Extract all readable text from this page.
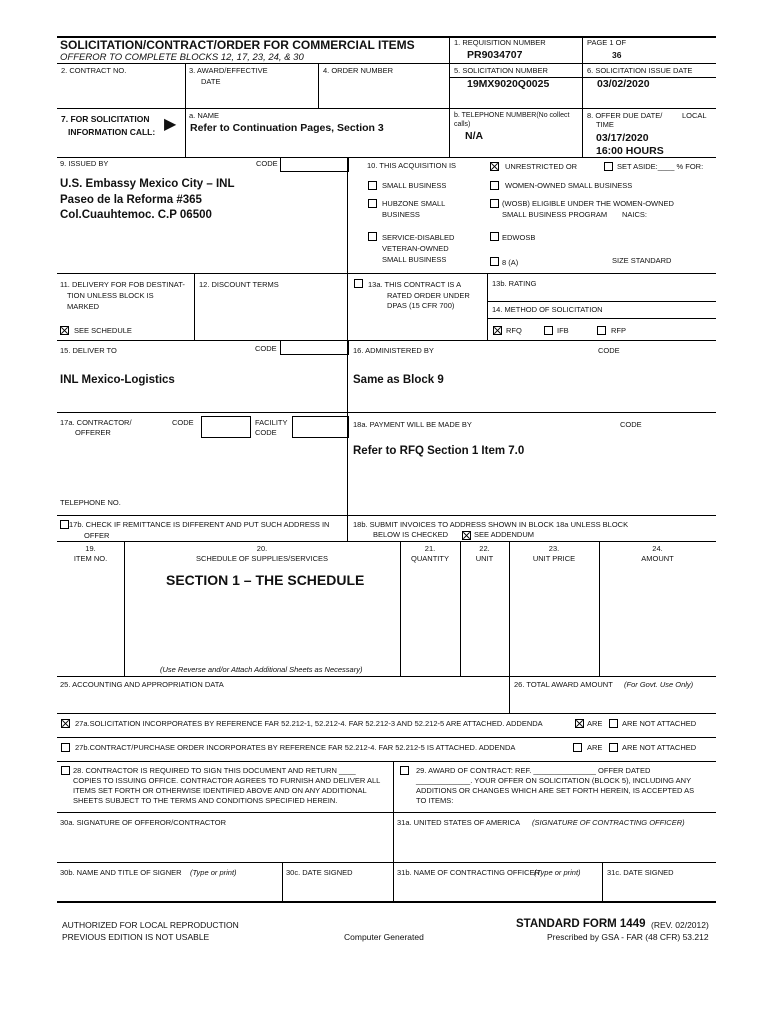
SOLICITATION/CONTRACT/ORDER FOR COMMERCIAL ITEMS
OFFEROR TO COMPLETE BLOCKS 12, 17, 23, 24, & 30
1. REQUISITION NUMBER
PR9034707
PAGE 1 OF
36
2. CONTRACT NO.	3. AWARD/EFFECTIVE
DATE
4. ORDER NUMBER	5. SOLICITATION NUMBER
19MX9020Q0025
6. SOLICITATION ISSUE DATE
03/02/2020
7. FOR SOLICITATION
INFORMATION CALL: ▶
a. NAME
Refer to Continuation Pages, Section 3
b. TELEPHONE NUMBER(No collect
calls)
N/A
8. OFFER DUE DATE/	LOCAL
TIME
03/17/2020
16:00 HOURS
9. ISSUED BY	CODE
U.S. Embassy Mexico City – INL
Paseo de la Reforma #365
Col.Cuauhtemoc. C.P 06500
10. THIS ACQUISITION IS	UNRESTRICTED OR	SET ASIDE:____ % FOR:
SMALL BUSINESS	WOMEN-OWNED SMALL BUSINESS
HUBZONE SMALL
BUSINESS
(WOSB) ELIGIBLE UNDER THE WOMEN-OWNED
SMALL BUSINESS PROGRAM NAICS:
SERVICE-DISABLED
VETERAN-OWNED
SMALL BUSINESS
EDWOSB
8 (A)	SIZE STANDARD
11. DELIVERY FOR FOB DESTINAT-
TION UNLESS BLOCK IS
MARKED
SEE SCHEDULE
12. DISCOUNT TERMS	13a. THIS CONTRACT IS A
RATED ORDER UNDER
DPAS (15 CFR 700)
13b. RATING
14. METHOD OF SOLICITATION
RFQ	IFB	RFP
15. DELIVER TO	CODE
INL Mexico-Logistics
16. ADMINISTERED BY	CODE
Same as Block 9
17a. CONTRACTOR/
OFFERER
CODE	FACILITY
CODE
TELEPHONE NO.
17b. CHECK IF REMITTANCE IS DIFFERENT AND PUT SUCH ADDRESS IN
OFFER
18a. PAYMENT WILL BE MADE BY	CODE
Refer to RFQ Section 1 Item 7.0
18b. SUBMIT INVOICES TO ADDRESS SHOWN IN BLOCK 18a UNLESS BLOCK
BELOW IS CHECKED	SEE ADDENDUM
19.
ITEM NO.
20.
SCHEDULE OF SUPPLIES/SERVICES
21.
QUANTITY
22.
UNIT
23.
UNIT PRICE
24.
AMOUNT
SECTION 1 – THE SCHEDULE
(Use Reverse and/or Attach Additional Sheets as Necessary)
25. ACCOUNTING AND APPROPRIATION DATA	26. TOTAL AWARD AMOUNT (For Govt. Use Only)
27a.SOLICITATION INCORPORATES BY REFERENCE FAR 52.212-1, 52.212-4. FAR 52.212-3 AND 52.212-5 ARE ATTACHED. ADDENDA	ARE	ARE NOT ATTACHED
27b.CONTRACT/PURCHASE ORDER INCORPORATES BY REFERENCE FAR 52.212-4. FAR 52.212-5 IS ATTACHED. ADDENDA	ARE	ARE NOT ATTACHED
28. CONTRACTOR IS REQUIRED TO SIGN THIS DOCUMENT AND RETURN ____
COPIES TO ISSUING OFFICE. CONTRACTOR AGREES TO FURNISH AND DELIVER ALL
ITEMS SET FORTH OR OTHERWISE IDENTIFIED ABOVE AND ON ANY ADDITIONAL
SHEETS SUBJECT TO THE TERMS AND CONDITIONS SPECIFIED HEREIN.
29. AWARD OF CONTRACT: REF. _______________ OFFER DATED
_____________. YOUR OFFER ON SOLICITATION (BLOCK 5), INCLUDING ANY
ADDITIONS OR CHANGES WHICH ARE SET FORTH HEREIN, IS ACCEPTED AS
TO ITEMS:
30a. SIGNATURE OF OFFEROR/CONTRACTOR	31a. UNITED STATES OF AMERICA (SIGNATURE OF CONTRACTING OFFICER)
30b. NAME AND TITLE OF SIGNER (Type or print)	30c. DATE SIGNED	31b. NAME OF CONTRACTING OFFICER
(Type or print)	31c. DATE SIGNED
AUTHORIZED FOR LOCAL REPRODUCTION
PREVIOUS EDITION IS NOT USABLE	Computer Generated
STANDARD FORM 1449 (REV. 02/2012)
Prescribed by GSA - FAR (48 CFR) 53.212
